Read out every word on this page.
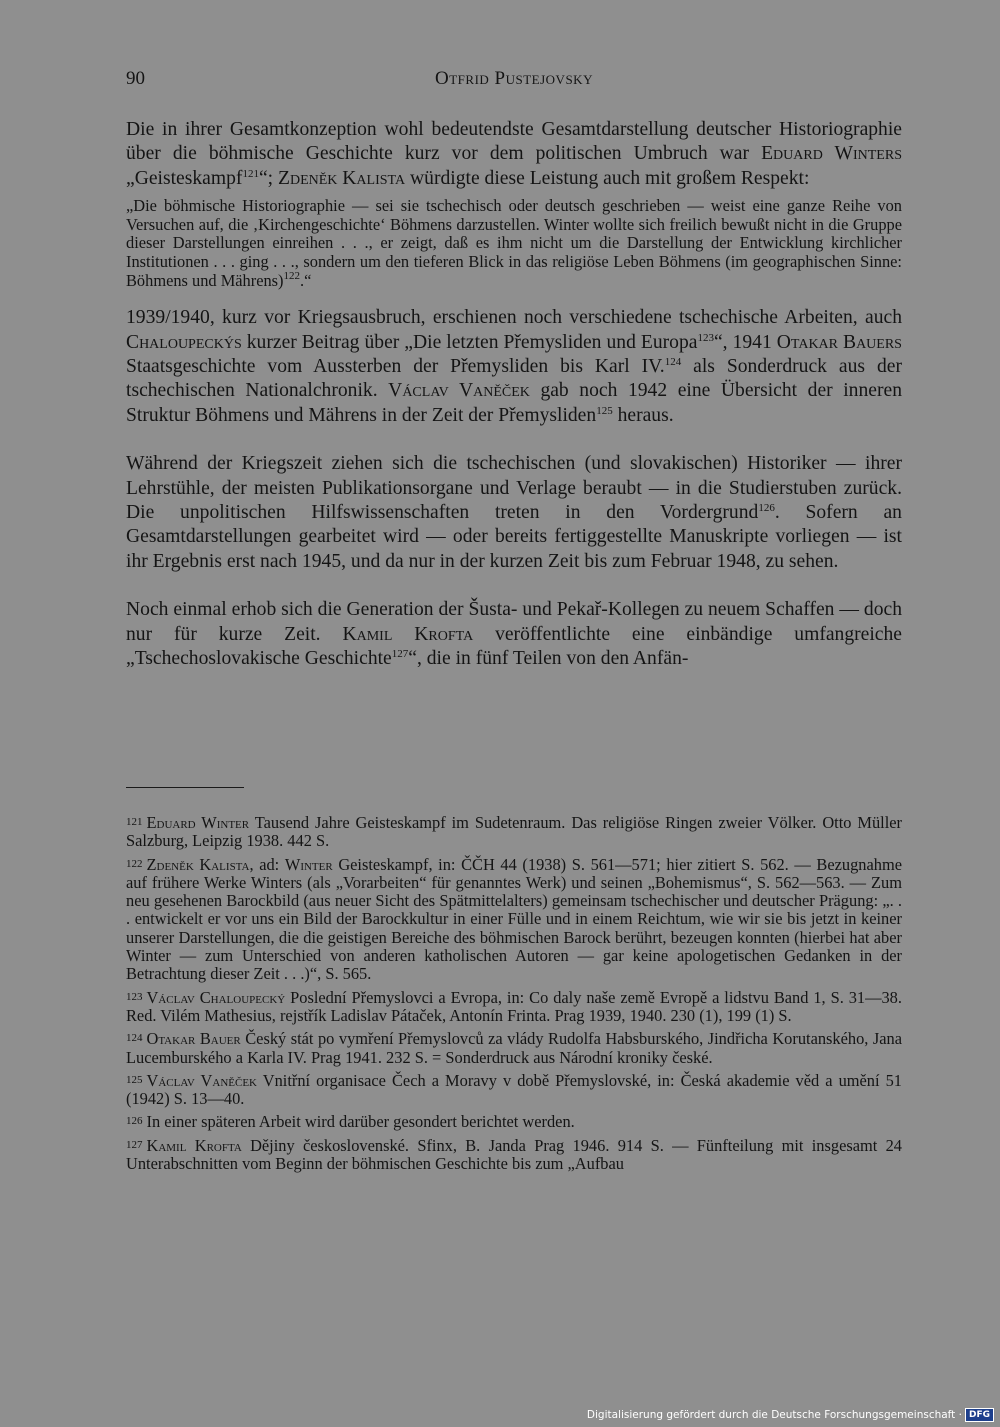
90	Otfrid Pustejovsky

Die in ihrer Gesamtkonzeption wohl bedeutendste Gesamtdarstellung deutscher Historiographie über die böhmische Geschichte kurz vor dem politischen Umbruch war Eduard Winters „Geisteskampf$^{121}$“; Zdeněk Kalista würdigte diese Leistung auch mit großem Respekt:

„Die böhmische Historiographie — sei sie tschechisch oder deutsch geschrieben — weist eine ganze Reihe von Versuchen auf, die ‚Kirchengeschichte‘ Böhmens darzustellen. Winter wollte sich freilich bewußt nicht in die Gruppe dieser Darstellungen einreihen . . ., er zeigt, daß es ihm nicht um die Darstellung der Entwicklung kirchlicher Institutionen . . . ging . . ., sondern um den tieferen Blick in das religiöse Leben Böhmens (im geographischen Sinne: Böhmens und Mährens)$^{122}$.“

1939/1940, kurz vor Kriegsausbruch, erschienen noch verschiedene tschechische Arbeiten, auch Chaloupeckýs kurzer Beitrag über „Die letzten Přemysliden und Europa$^{123}$“, 1941 Otakar Bauers Staatsgeschichte vom Aussterben der Přemysliden bis Karl IV.$^{124}$ als Sonderdruck aus der tschechischen Nationalchronik. Václav Vaněček gab noch 1942 eine Übersicht der inneren Struktur Böhmens und Mährens in der Zeit der Přemysliden$^{125}$ heraus.

Während der Kriegszeit ziehen sich die tschechischen (und slovakischen) Historiker — ihrer Lehrstühle, der meisten Publikationsorgane und Verlage beraubt — in die Studierstuben zurück. Die unpolitischen Hilfswissenschaften treten in den Vordergrund$^{126}$. Sofern an Gesamtdarstellungen gearbeitet wird — oder bereits fertiggestellte Manuskripte vorliegen — ist ihr Ergebnis erst nach 1945, und da nur in der kurzen Zeit bis zum Februar 1948, zu sehen.

Noch einmal erhob sich die Generation der Šusta- und Pekař-Kollegen zu neuem Schaffen — doch nur für kurze Zeit. Kamil Krofta veröffentlichte eine einbändige umfangreiche „Tschechoslovakische Geschichte$^{127}$“, die in fünf Teilen von den Anfän-

121 Eduard Winter Tausend Jahre Geisteskampf im Sudetenraum. Das religiöse Ringen zweier Völker. Otto Müller Salzburg, Leipzig 1938. 442 S.

122 Zdeněk Kalista, ad: Winter Geisteskampf, in: ČČH 44 (1938) S. 561—571; hier zitiert S. 562. — Bezugnahme auf frühere Werke Winters (als „Vorarbeiten“ für genanntes Werk) und seinen „Bohemismus“, S. 562—563. — Zum neu gesehenen Barockbild (aus neuer Sicht des Spätmittelalters) gemeinsam tschechischer und deutscher Prägung: „. . . entwickelt er vor uns ein Bild der Barockkultur in einer Fülle und in einem Reichtum, wie wir sie bis jetzt in keiner unserer Darstellungen, die die geistigen Bereiche des böhmischen Barock berührt, bezeugen konnten (hierbei hat aber Winter — zum Unterschied von anderen katholischen Autoren — gar keine apologetischen Gedanken in der Betrachtung dieser Zeit . . .)“, S. 565.

123 Václav Chaloupecký Poslední Přemyslovci a Evropa, in: Co daly naše země Evropě a lidstvu Band 1, S. 31—38. Red. Vilém Mathesius, rejstřík Ladislav Pátaček, Antonín Frinta. Prag 1939, 1940. 230 (1), 199 (1) S.

124 Otakar Bauer Český stát po vymření Přemyslovců za vlády Rudolfa Habsburského, Jindřicha Korutanského, Jana Lucemburského a Karla IV. Prag 1941. 232 S. = Sonderdruck aus Národní kroniky české.

125 Václav Vaněček Vnitřní organisace Čech a Moravy v době Přemyslovské, in: Česká akademie věd a umění 51 (1942) S. 13—40.

126 In einer späteren Arbeit wird darüber gesondert berichtet werden.

127 Kamil Krofta Dějiny československé. Sfinx, B. Janda Prag 1946. 914 S. — Fünfteilung mit insgesamt 24 Unterabschnitten vom Beginn der böhmischen Geschichte bis zum „Aufbau

Digitalisierung gefördert durch die Deutsche Forschungsgemeinschaft · DFG
